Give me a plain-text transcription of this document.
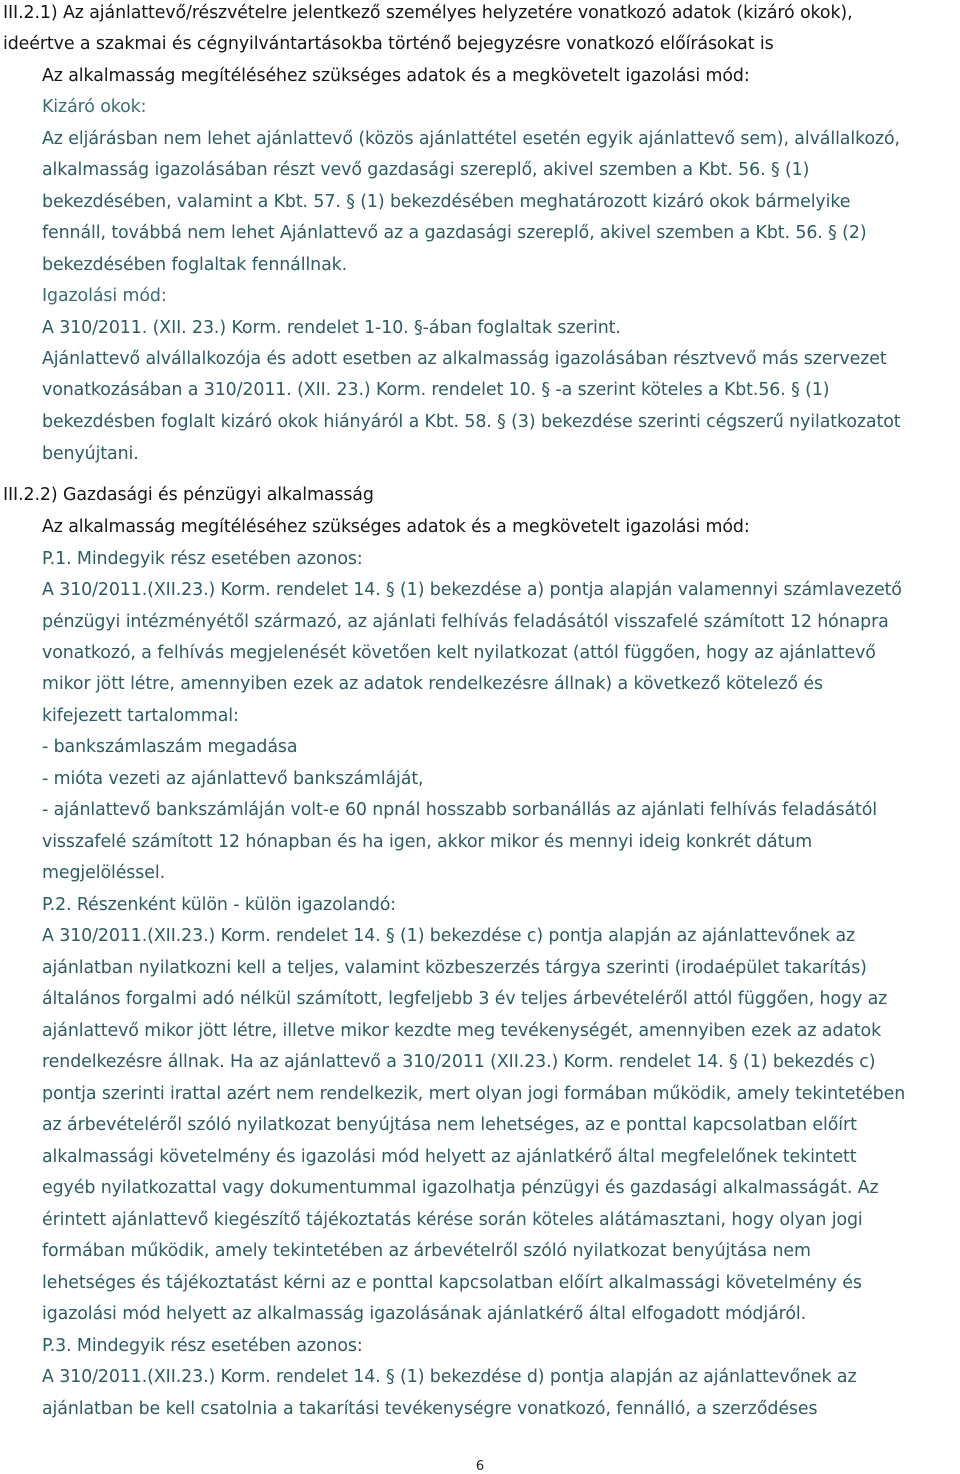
III.2.1) Az ajánlattevő/részvételre jelentkező személyes helyzetére vonatkozó adatok (kizáró okok),
ideértve a szakmai és cégnyilvántartásokba történő bejegyzésre vonatkozó előírásokat is
Az alkalmasság megítéléséhez szükséges adatok és a megkövetelt igazolási mód:
Kizáró okok:
Az eljárásban nem lehet ajánlattevő (közös ajánlattétel esetén egyik ajánlattevő sem), alvállalkozó,
alkalmasság igazolásában részt vevő gazdasági szereplő, akivel szemben a Kbt. 56. § (1)
bekezdésében, valamint a Kbt. 57. § (1) bekezdésében meghatározott kizáró okok bármelyike
fennáll, továbbá nem lehet Ajánlattevő az a gazdasági szereplő, akivel szemben a Kbt. 56. § (2)
bekezdésében foglaltak fennállnak.
Igazolási mód:
A 310/2011. (XII. 23.) Korm. rendelet 1-10. §-ában foglaltak szerint.
Ajánlattevő alvállalkozója és adott esetben az alkalmasság igazolásában résztvevő más szervezet
vonatkozásában a 310/2011. (XII. 23.) Korm. rendelet 10. § -a szerint köteles a Kbt.56. § (1)
bekezdésben foglalt kizáró okok hiányáról a Kbt. 58. § (3) bekezdése szerinti cégszerű nyilatkozatot
benyújtani.
III.2.2) Gazdasági és pénzügyi alkalmasság
Az alkalmasság megítéléséhez szükséges adatok és a megkövetelt igazolási mód:
P.1. Mindegyik rész esetében azonos:
A 310/2011.(XII.23.) Korm. rendelet 14. § (1) bekezdése a) pontja alapján valamennyi számlavezető
pénzügyi intézményétől származó, az ajánlati felhívás feladásától visszafelé számított 12 hónapra
vonatkozó, a felhívás megjelenését követően kelt nyilatkozat (attól függően, hogy az ajánlattevő
mikor jött létre, amennyiben ezek az adatok rendelkezésre állnak) a következő kötelező és
kifejezett tartalommal:
- bankszámlaszám megadása
- mióta vezeti az ajánlattevő bankszámláját,
- ajánlattevő bankszámláján volt-e 60 npnál hosszabb sorbanállás az ajánlati felhívás feladásától
visszafelé számított 12 hónapban és ha igen, akkor mikor és mennyi ideig konkrét dátum
megjelöléssel.
P.2. Részenként külön - külön igazolandó:
A 310/2011.(XII.23.) Korm. rendelet 14. § (1) bekezdése c) pontja alapján az ajánlattevőnek az
ajánlatban nyilatkozni kell a teljes, valamint közbeszerzés tárgya szerinti (irodaépület takarítás)
általános forgalmi adó nélkül számított, legfeljebb 3 év teljes árbevételéről attól függően, hogy az
ajánlattevő mikor jött létre, illetve mikor kezdte meg tevékenységét, amennyiben ezek az adatok
rendelkezésre állnak. Ha az ajánlattevő a 310/2011 (XII.23.) Korm. rendelet 14. § (1) bekezdés c)
pontja szerinti irattal azért nem rendelkezik, mert olyan jogi formában működik, amely tekintetében
az árbevételéről szóló nyilatkozat benyújtása nem lehetséges, az e ponttal kapcsolatban előírt
alkalmassági követelmény és igazolási mód helyett az ajánlatkérő által megfelelőnek tekintett
egyéb nyilatkozattal vagy dokumentummal igazolhatja pénzügyi és gazdasági alkalmasságát. Az
érintett ajánlattevő kiegészítő tájékoztatás kérése során köteles alátámasztani, hogy olyan jogi
formában működik, amely tekintetében az árbevételről szóló nyilatkozat benyújtása nem
lehetséges és tájékoztatást kérni az e ponttal kapcsolatban előírt alkalmassági követelmény és
igazolási mód helyett az alkalmasság igazolásának ajánlatkérő által elfogadott módjáról.
P.3. Mindegyik rész esetében azonos:
A 310/2011.(XII.23.) Korm. rendelet 14. § (1) bekezdése d) pontja alapján az ajánlattevőnek az
ajánlatban be kell csatolnia a takarítási tevékenységre vonatkozó, fennálló, a szerződéses
6
